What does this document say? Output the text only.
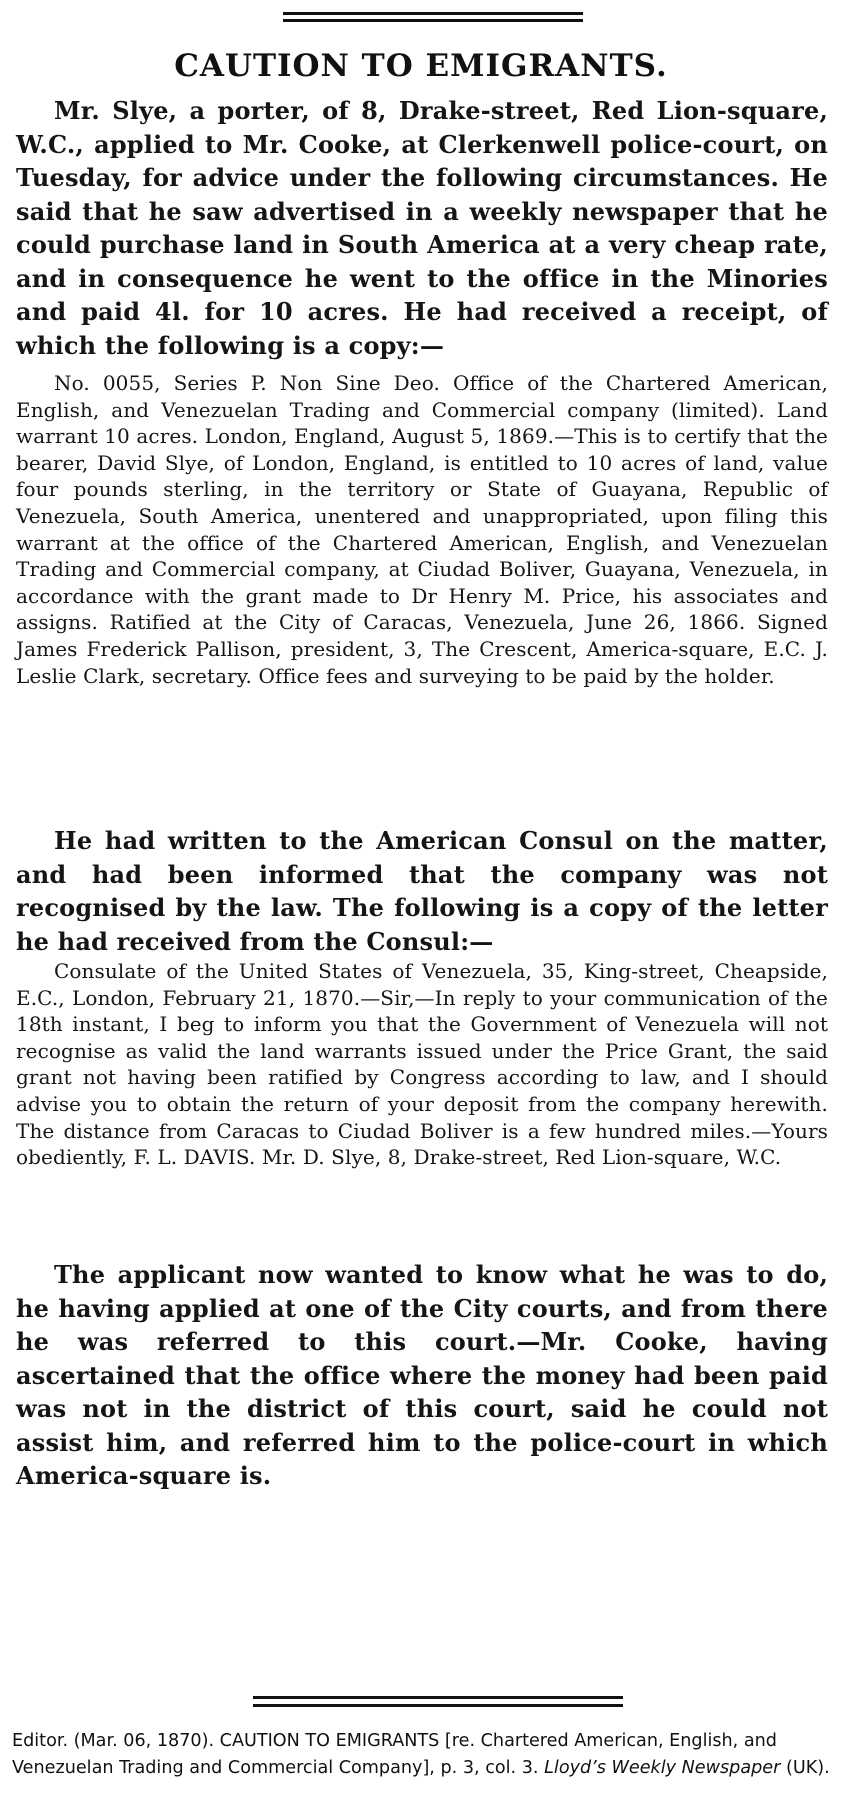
CAUTION TO EMIGRANTS.

Mr. Slye, a porter, of 8, Drake-street, Red Lion-square, W.C., applied to Mr. Cooke, at Clerkenwell police-court, on Tuesday, for advice under the following circumstances. He said that he saw advertised in a weekly newspaper that he could purchase land in South America at a very cheap rate, and in consequence he went to the office in the Minories and paid 4l. for 10 acres. He had received a receipt, of which the following is a copy:—

No. 0055, Series P. Non Sine Deo. Office of the Chartered American, English, and Venezuelan Trading and Commercial company (limited). Land warrant 10 acres. London, England, August 5, 1869.—This is to certify that the bearer, David Slye, of London, England, is entitled to 10 acres of land, value four pounds sterling, in the territory or State of Guayana, Republic of Venezuela, South America, unentered and unappropriated, upon filing this warrant at the office of the Chartered American, English, and Venezuelan Trading and Commercial company, at Ciudad Boliver, Guayana, Venezuela, in accordance with the grant made to Dr Henry M. Price, his associates and assigns. Ratified at the City of Caracas, Venezuela, June 26, 1866. Signed James Frederick Pallison, president, 3, The Crescent, America-square, E.C. J. Leslie Clark, secretary. Office fees and surveying to be paid by the holder.

He had written to the American Consul on the matter, and had been informed that the company was not recognised by the law. The following is a copy of the letter he had received from the Consul:—

Consulate of the United States of Venezuela, 35, King-street, Cheapside, E.C., London, February 21, 1870.—Sir,—In reply to your communication of the 18th instant, I beg to inform you that the Government of Venezuela will not recognise as valid the land warrants issued under the Price Grant, the said grant not having been ratified by Congress according to law, and I should advise you to obtain the return of your deposit from the company herewith. The distance from Caracas to Ciudad Boliver is a few hundred miles.—Yours obediently, F. L. DAVIS. Mr. D. Slye, 8, Drake-street, Red Lion-square, W.C.

The applicant now wanted to know what he was to do, he having applied at one of the City courts, and from there he was referred to this court.—Mr. Cooke, having ascertained that the office where the money had been paid was not in the district of this court, said he could not assist him, and referred him to the police-court in which America-square is.

Editor. (Mar. 06, 1870). CAUTION TO EMIGRANTS [re. Chartered American, English, and Venezuelan Trading and Commercial Company], p. 3, col. 3. Lloyd’s Weekly Newspaper (UK).
